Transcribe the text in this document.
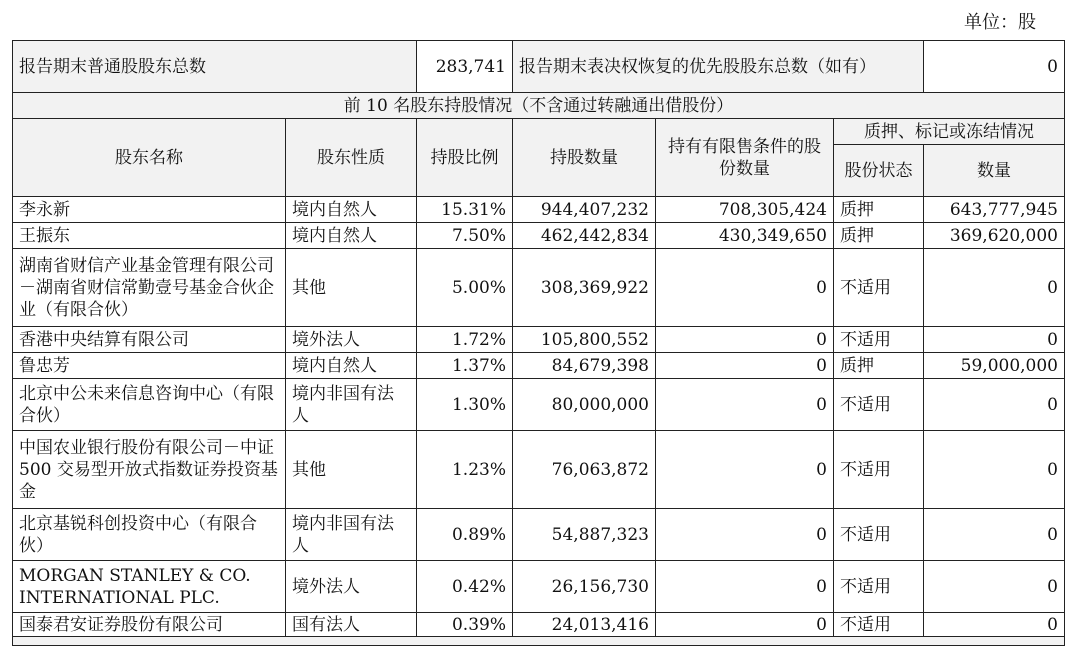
单位：股
报告期末普通股股东总数		283,741	报告期末表决权恢复的优先股股东总数（如有）			0
前 10 名股东持股情况（不含通过转融通出借股份）						
股东名称	股东性质	持股比例	持股数量	持有有限售条件的股份数量	质押、标记或冻结情况	
					股份状态	数量
李永新	境内自然人	15.31%	944,407,232	708,305,424	质押	643,777,945
王振东	境内自然人	7.50%	462,442,834	430,349,650	质押	369,620,000
湖南省财信产业基金管理有限公司－湖南省财信常勤壹号基金合伙企业（有限合伙）	其他	5.00%	308,369,922	0	不适用	0
香港中央结算有限公司	境外法人	1.72%	105,800,552	0	不适用	0
鲁忠芳	境内自然人	1.37%	84,679,398	0	质押	59,000,000
北京中公未来信息咨询中心（有限合伙）	境内非国有法人	1.30%	80,000,000	0	不适用	0
中国农业银行股份有限公司－中证 500 交易型开放式指数证券投资基金	其他	1.23%	76,063,872	0	不适用	0
北京基锐科创投资中心（有限合伙）	境内非国有法人	0.89%	54,887,323	0	不适用	0
MORGAN STANLEY & CO. INTERNATIONAL PLC.	境外法人	0.42%	26,156,730	0	不适用	0
国泰君安证券股份有限公司	国有法人	0.39%	24,013,416	0	不适用	0
